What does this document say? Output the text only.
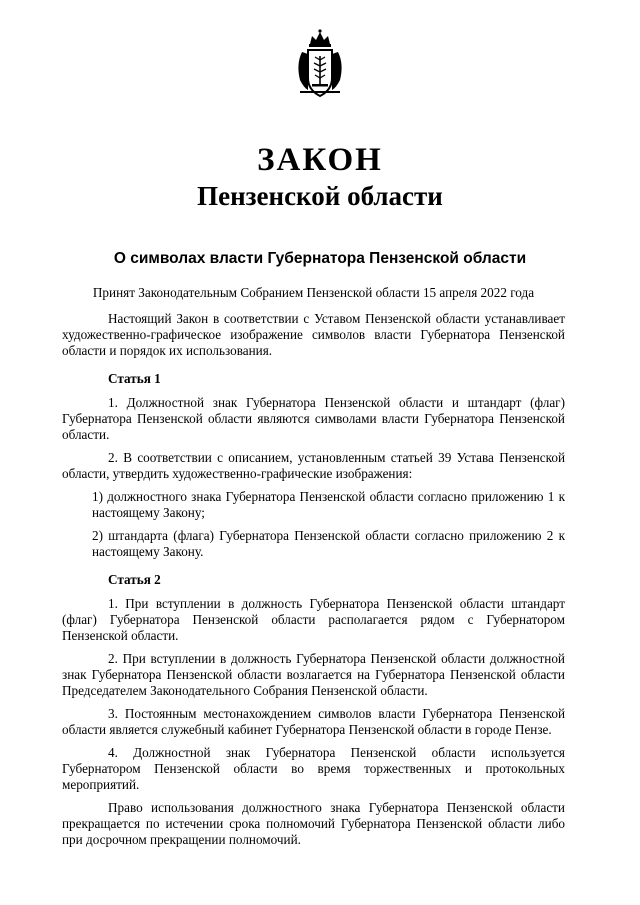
ЗАКОН
Пензенской области
О символах власти Губернатора Пензенской области

Принят Законодательным Собранием Пензенской области 15 апреля 2022 года

Настоящий Закон в соответствии с Уставом Пензенской области устанавливает художественно-графическое изображение символов власти Губернатора Пензенской области и порядок их использования.

Статья 1

1. Должностной знак Губернатора Пензенской области и штандарт (флаг) Губернатора Пензенской области являются символами власти Губернатора Пензенской области.

2. В соответствии с описанием, установленным статьей 39 Устава Пензенской области, утвердить художественно-графические изображения:

1) должностного знака Губернатора Пензенской области согласно приложению 1 к настоящему Закону;

2) штандарта (флага) Губернатора Пензенской области согласно приложению 2 к настоящему Закону.

Статья 2

1. При вступлении в должность Губернатора Пензенской области штандарт (флаг) Губернатора Пензенской области располагается рядом с Губернатором Пензенской области.

2. При вступлении в должность Губернатора Пензенской области должностной знак Губернатора Пензенской области возлагается на Губернатора Пензенской области Председателем Законодательного Собрания Пензенской области.

3. Постоянным местонахождением символов власти Губернатора Пензенской области является служебный кабинет Губернатора Пензенской области в городе Пензе.

4. Должностной знак Губернатора Пензенской области используется Губернатором Пензенской области во время торжественных и протокольных мероприятий.

Право использования должностного знака Губернатора Пензенской области прекращается по истечении срока полномочий Губернатора Пензенской области либо при досрочном прекращении полномочий.
